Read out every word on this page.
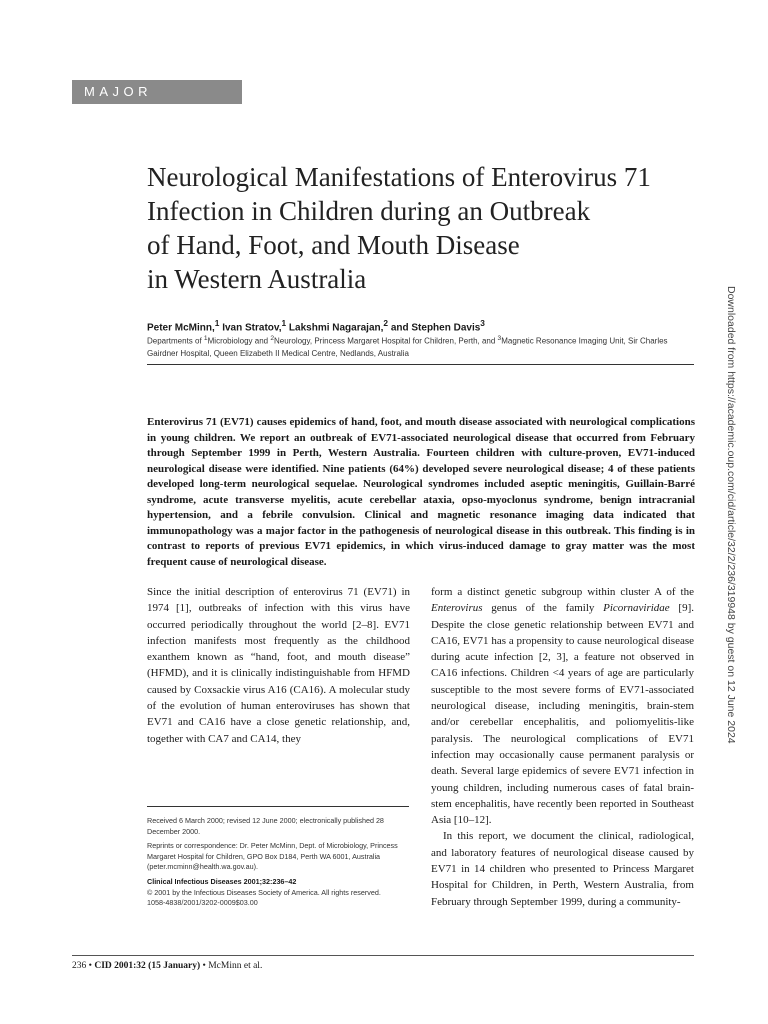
MAJOR ARTICLE
Neurological Manifestations of Enterovirus 71
Infection in Children during an Outbreak
of Hand, Foot, and Mouth Disease
in Western Australia
Peter McMinn,$^1$ Ivan Stratov,$^1$ Lakshmi Nagarajan,$^2$ and Stephen Davis$^3$
Departments of $^1$Microbiology and $^2$Neurology, Princess Margaret Hospital for Children, Perth, and $^3$Magnetic Resonance Imaging Unit, Sir Charles Gairdner Hospital, Queen Elizabeth II Medical Centre, Nedlands, Australia

Enterovirus 71 (EV71) causes epidemics of hand, foot, and mouth disease associated with neurological complications in young children. We report an outbreak of EV71-associated neurological disease that occurred from February through September 1999 in Perth, Western Australia. Fourteen children with culture-proven, EV71-induced neurological disease were identified. Nine patients (64%) developed severe neurological disease; 4 of these patients developed long-term neurological sequelae. Neurological syndromes included aseptic meningitis, Guillain-Barré syndrome, acute transverse myelitis, acute cerebellar ataxia, opso-myoclonus syndrome, benign intracranial hypertension, and a febrile convulsion. Clinical and magnetic resonance imaging data indicated that immunopathology was a major factor in the pathogenesis of neurological disease in this outbreak. This finding is in contrast to reports of previous EV71 epidemics, in which virus-induced damage to gray matter was the most frequent cause of neurological disease.

Since the initial description of enterovirus 71 (EV71) in 1974 [1], outbreaks of infection with this virus have occurred periodically throughout the world [2–8]. EV71 infection manifests most frequently as the childhood exanthem known as “hand, foot, and mouth disease” (HFMD), and it is clinically indistinguishable from HFMD caused by Coxsackie virus A16 (CA16). A molecular study of the evolution of human enteroviruses has shown that EV71 and CA16 have a close genetic relationship, and, together with CA7 and CA14, they

form a distinct genetic subgroup within cluster A of the Enterovirus genus of the family Picornaviridae [9]. Despite the close genetic relationship between EV71 and CA16, EV71 has a propensity to cause neurological disease during acute infection [2, 3], a feature not observed in CA16 infections. Children <4 years of age are particularly susceptible to the most severe forms of EV71-associated neurological disease, including meningitis, brain-stem and/or cerebellar encephalitis, and poliomyelitis-like paralysis. The neurological complications of EV71 infection may occasionally cause permanent paralysis or death. Several large epidemics of severe EV71 infection in young children, including numerous cases of fatal brain-stem encephalitis, have recently been reported in Southeast Asia [10–12].

In this report, we document the clinical, radiological, and laboratory features of neurological disease caused by EV71 in 14 children who presented to Princess Margaret Hospital for Children, in Perth, Western Australia, from February through September 1999, during a community-

Received 6 March 2000; revised 12 June 2000; electronically published 28 December 2000.

Reprints or correspondence: Dr. Peter McMinn, Dept. of Microbiology, Princess Margaret Hospital for Children, GPO Box D184, Perth WA 6001, Australia (peter.mcminn@health.wa.gov.au).

Clinical Infectious Diseases 2001;32:236–42

© 2001 by the Infectious Diseases Society of America. All rights reserved.

1058-4838/2001/3202-0009$03.00

236 • CID 2001:32 (15 January) • McMinn et al.
Downloaded from https://academic.oup.com/cid/article/32/2/236/319948 by guest on 12 June 2024
